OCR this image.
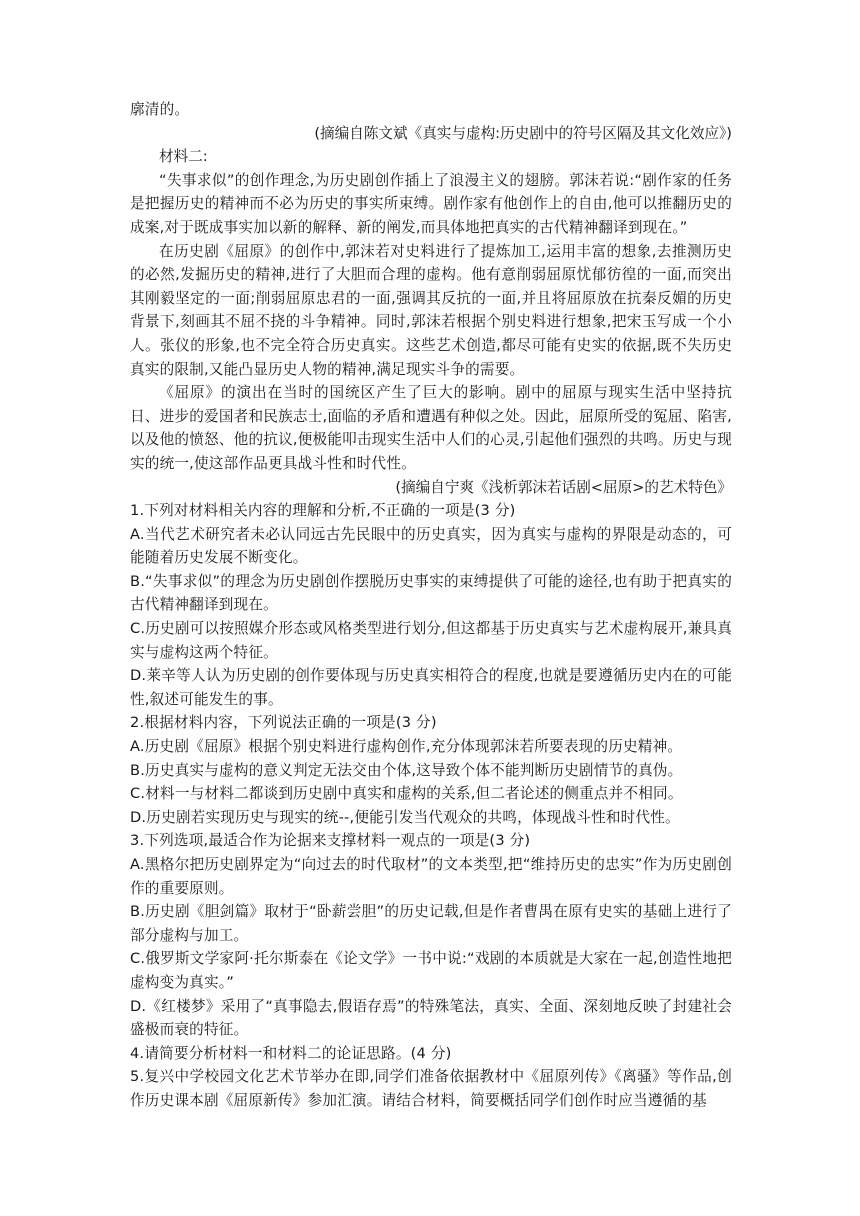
廓清的。
(摘编自陈文斌《真实与虚构:历史剧中的符号区隔及其文化效应》)
材料二:

“失事求似”的创作理念,为历史剧创作插上了浪漫主义的翅膀。郭沫若说:“剧作家的任务是把握历史的精神而不必为历史的事实所束缚。剧作家有他创作上的自由,他可以推翻历史的成案,对于既成事实加以新的解释、新的阐发,而具体地把真实的古代精神翻译到现在。”

在历史剧《屈原》的创作中,郭沫若对史料进行了提炼加工,运用丰富的想象,去推测历史的必然,发掘历史的精神,进行了大胆而合理的虚构。他有意削弱屈原忧郁彷徨的一面,而突出其刚毅坚定的一面;削弱屈原忠君的一面,强调其反抗的一面,并且将屈原放在抗秦反媚的历史背景下,刻画其不屈不挠的斗争精神。同时,郭沫若根据个别史料进行想象,把宋玉写成一个小人。张仪的形象,也不完全符合历史真实。这些艺术创造,都尽可能有史实的依据,既不失历史真实的限制,又能凸显历史人物的精神,满足现实斗争的需要。

《屈原》的演出在当时的国统区产生了巨大的影响。剧中的屈原与现实生活中坚持抗日、进步的爱国者和民族志士,面临的矛盾和遭遇有种似之处。因此，屈原所受的冤屈、陷害,以及他的愤怒、他的抗议,便极能叩击现实生活中人们的心灵,引起他们强烈的共鸣。历史与现实的统一,使这部作品更具战斗性和时代性。

(摘编自宁爽《浅析郭沫若话剧<屈原>的艺术特色》

1.下列对材料相关内容的理解和分析,不正确的一项是(3 分)

A.当代艺术研究者未必认同远古先民眼中的历史真实，因为真实与虚构的界限是动态的，可能随着历史发展不断变化。

B.“失事求似”的理念为历史剧创作摆脱历史事实的束缚提供了可能的途径,也有助于把真实的古代精神翻译到现在。

C.历史剧可以按照媒介形态或风格类型进行划分,但这都基于历史真实与艺术虚构展开,兼具真实与虚构这两个特征。

D.莱辛等人认为历史剧的创作要体现与历史真实相符合的程度,也就是要遵循历史内在的可能性,叙述可能发生的事。

2.根据材料内容，下列说法正确的一项是(3 分)

A.历史剧《屈原》根据个别史料进行虚构创作,充分体现郭沫若所要表现的历史精神。

B.历史真实与虚构的意义判定无法交由个体,这导致个体不能判断历史剧情节的真伪。

C.材料一与材料二都谈到历史剧中真实和虚构的关系,但二者论述的侧重点并不相同。

D.历史剧若实现历史与现实的统--,便能引发当代观众的共鸣，体现战斗性和时代性。

3.下列选项,最适合作为论据来支撑材料一观点的一项是(3 分)

A.黑格尔把历史剧界定为“向过去的时代取材”的文本类型,把“维持历史的忠实”作为历史剧创作的重要原则。

B.历史剧《胆剑篇》取材于“卧薪尝胆”的历史记载,但是作者曹禺在原有史实的基础上进行了部分虚构与加工。

C.俄罗斯文学家阿·托尔斯泰在《论文学》一书中说:“戏剧的本质就是大家在一起,创造性地把虚构变为真实。”

D.《红楼梦》采用了“真事隐去,假语存焉”的特殊笔法，真实、全面、深刻地反映了封建社会盛极而衰的特征。

4.请简要分析材料一和材料二的论证思路。(4 分)

5.复兴中学校园文化艺术节举办在即,同学们准备依据教材中《屈原列传》《离骚》等作品,创作历史课本剧《屈原新传》参加汇演。请结合材料，简要概括同学们创作时应当遵循的基
